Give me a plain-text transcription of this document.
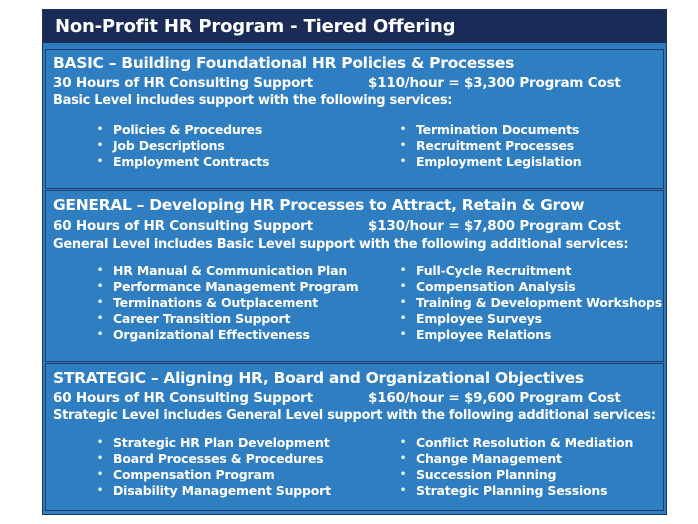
Non-Profit HR Program - Tiered Offering
BASIC – Building Foundational HR Policies & Processes
30 Hours of HR Consulting Support	$110/hour = $3,300 Program Cost
Basic Level includes support with the following services:
• Policies & Procedures
• Job Descriptions
• Employment Contracts
• Termination Documents
• Recruitment Processes
• Employment Legislation
GENERAL – Developing HR Processes to Attract, Retain & Grow
60 Hours of HR Consulting Support	$130/hour = $7,800 Program Cost
General Level includes Basic Level support with the following additional services:
• HR Manual & Communication Plan
• Performance Management Program
• Terminations & Outplacement
• Career Transition Support
• Organizational Effectiveness
• Full-Cycle Recruitment
• Compensation Analysis
• Training & Development Workshops
• Employee Surveys
• Employee Relations
STRATEGIC – Aligning HR, Board and Organizational Objectives
60 Hours of HR Consulting Support	$160/hour = $9,600 Program Cost
Strategic Level includes General Level support with the following additional services:
• Strategic HR Plan Development
• Board Processes & Procedures
• Compensation Program
• Disability Management Support
• Conflict Resolution & Mediation
• Change Management
• Succession Planning
• Strategic Planning Sessions
